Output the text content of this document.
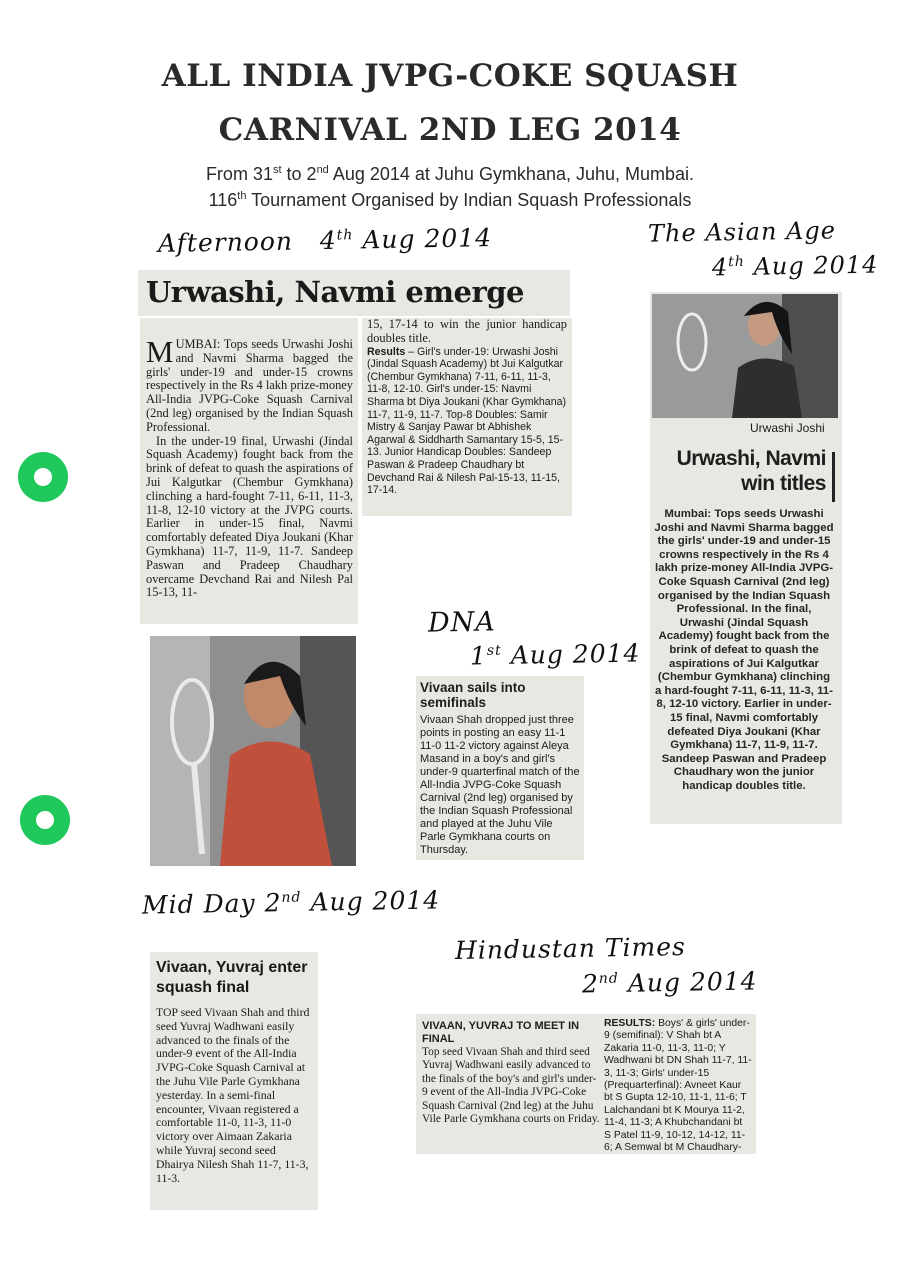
ALL INDIA JVPG-COKE SQUASH
CARNIVAL 2ND LEG 2014
From 31st to 2nd Aug 2014 at Juhu Gymkhana, Juhu, Mumbai.
116th Tournament Organised by Indian Squash Professionals
Afternoon 4th Aug 2014	The Asian Age
4th Aug 2014
DNA
1st Aug 2014
Mid Day 2nd Aug 2014
Hindustan Times
2nd Aug 2014
Urwashi, Navmi emerge

MUMBAI: Tops seeds Urwashi Joshi and Navmi Sharma bagged the girls' under-19 and under-15 crowns respectively in the Rs 4 lakh prize-money All-India JVPG-Coke Squash Carnival (2nd leg) organised by the Indian Squash Professional.

In the under-19 final, Urwashi (Jindal Squash Academy) fought back from the brink of defeat to quash the aspirations of Jui Kalgutkar (Chembur Gymkhana) clinching a hard-fought 7-11, 6-11, 11-3, 11-8, 12-10 victory at the JVPG courts. Earlier in under-15 final, Navmi comfortably defeated Diya Joukani (Khar Gymkhana) 11-7, 11-9, 11-7. Sandeep Paswan and Pradeep Chaudhary overcame Devchand Rai and Nilesh Pal 15-13, 11-

15, 17-14 to win the junior handicap doubles title.

Results – Girl's under-19: Urwashi Joshi (Jindal Squash Academy) bt Jui Kalgutkar (Chembur Gymkhana) 7-11, 6-11, 11-3, 11-8, 12-10. Girl's under-15: Navmi Sharma bt Diya Joukani (Khar Gymkhana) 11-7, 11-9, 11-7. Top-8 Doubles: Samir Mistry & Sanjay Pawar bt Abhishek Agarwal & Siddharth Samantary 15-5, 15-13. Junior Handicap Doubles: Sandeep Paswan & Pradeep Chaudhary bt Devchand Rai & Nilesh Pal-15-13, 11-15, 17-14.

Urwashi Joshi
Urwashi, Navmi
win titles

Mumbai: Tops seeds Urwashi Joshi and Navmi Sharma bagged the girls' under-19 and under-15 crowns respectively in the Rs 4 lakh prize-money All-India JVPG-Coke Squash Carnival (2nd leg) organised by the Indian Squash Professional. In the final, Urwashi (Jindal Squash Academy) fought back from the brink of defeat to quash the aspirations of Jui Kalgutkar (Chembur Gymkhana) clinching a hard-fought 7-11, 6-11, 11-3, 11-8, 12-10 victory. Earlier in under-15 final, Navmi comfortably defeated Diya Joukani (Khar Gymkhana) 11-7, 11-9, 11-7. Sandeep Paswan and Pradeep Chaudhary won the junior handicap doubles title.

Vivaan sails into semifinals

Vivaan Shah dropped just three points in posting an easy 11-1 11-0 11-2 victory against Aleya Masand in a boy's and girl's under-9 quarterfinal match of the All-India JVPG-Coke Squash Carnival (2nd leg) organised by the Indian Squash Professional and played at the Juhu Vile Parle Gymkhana courts on Thursday.

Vivaan, Yuvraj enter squash final

TOP seed Vivaan Shah and third seed Yuvraj Wadhwani easily advanced to the finals of the under-9 event of the All-India JVPG-Coke Squash Carnival at the Juhu Vile Parle Gymkhana yesterday. In a semi-final encounter, Vivaan registered a comfortable 11-0, 11-3, 11-0 victory over Aimaan Zakaria while Yuvraj second seed Dhairya Nilesh Shah 11-7, 11-3, 11-3.

VIVAAN, YUVRAJ TO MEET IN FINAL

Top seed Vivaan Shah and third seed Yuvraj Wadhwani easily advanced to the finals of the boy's and girl's under-9 event of the All-India JVPG-Coke Squash Carnival (2nd leg) at the Juhu Vile Parle Gymkhana courts on Friday.

RESULTS: Boys' & girls' under-9 (semifinal): V Shah bt A Zakaria 11-0, 11-3, 11-0; Y Wadhwani bt DN Shah 11-7, 11-3, 11-3; Girls' under-15 (Prequarterfinal): Avneet Kaur bt S Gupta 12-10, 11-1, 11-6; T Lalchandani bt K Mourya 11-2, 11-4, 11-3; A Khubchandani bt S Patel 11-9, 10-12, 14-12, 11-6; A Semwal bt M Chaudhary-
